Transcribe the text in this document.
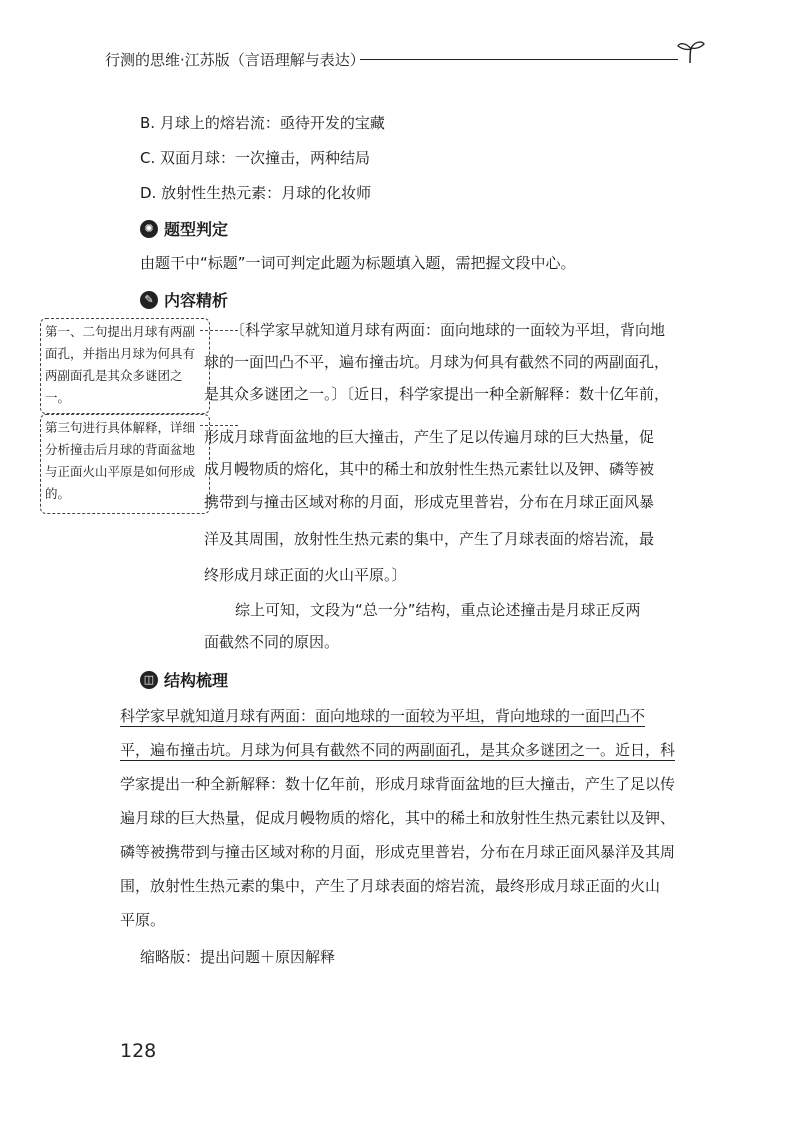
行测的思维·江苏版（言语理解与表达）
B. 月球上的熔岩流：亟待开发的宝藏
C. 双面月球：一次撞击，两种结局
D. 放射性生热元素：月球的化妆师
✺ 题型判定
由题干中“标题”一词可判定此题为标题填入题，需把握文段中心。
✎ 内容精析
第一、二句提出月球有两副面孔，并指出月球为何具有两副面孔是其众多谜团之一。
第三句进行具体解释，详细分析撞击后月球的背面盆地与正面火山平原是如何形成的。
〔科学家早就知道月球有两面：面向地球的一面较为平坦，背向地
球的一面凹凸不平，遍布撞击坑。月球为何具有截然不同的两副面孔，
是其众多谜团之一。〕〔近日，科学家提出一种全新解释：数十亿年前，
形成月球背面盆地的巨大撞击，产生了足以传遍月球的巨大热量，促
成月幔物质的熔化，其中的稀土和放射性生热元素钍以及钾、磷等被
携带到与撞击区域对称的月面，形成克里普岩，分布在月球正面风暴
洋及其周围，放射性生热元素的集中，产生了月球表面的熔岩流，最
终形成月球正面的火山平原。〕
综上可知，文段为“总一分”结构，重点论述撞击是月球正反两
面截然不同的原因。
◫ 结构梳理
科学家早就知道月球有两面：面向地球的一面较为平坦，背向地球的一面凹凸不
平，遍布撞击坑。月球为何具有截然不同的两副面孔，是其众多谜团之一。近日，科
学家提出一种全新解释：数十亿年前，形成月球背面盆地的巨大撞击，产生了足以传
遍月球的巨大热量，促成月幔物质的熔化，其中的稀土和放射性生热元素钍以及钾、
磷等被携带到与撞击区域对称的月面，形成克里普岩，分布在月球正面风暴洋及其周
围，放射性生热元素的集中，产生了月球表面的熔岩流，最终形成月球正面的火山
平原。
缩略版：提出问题＋原因解释
128
